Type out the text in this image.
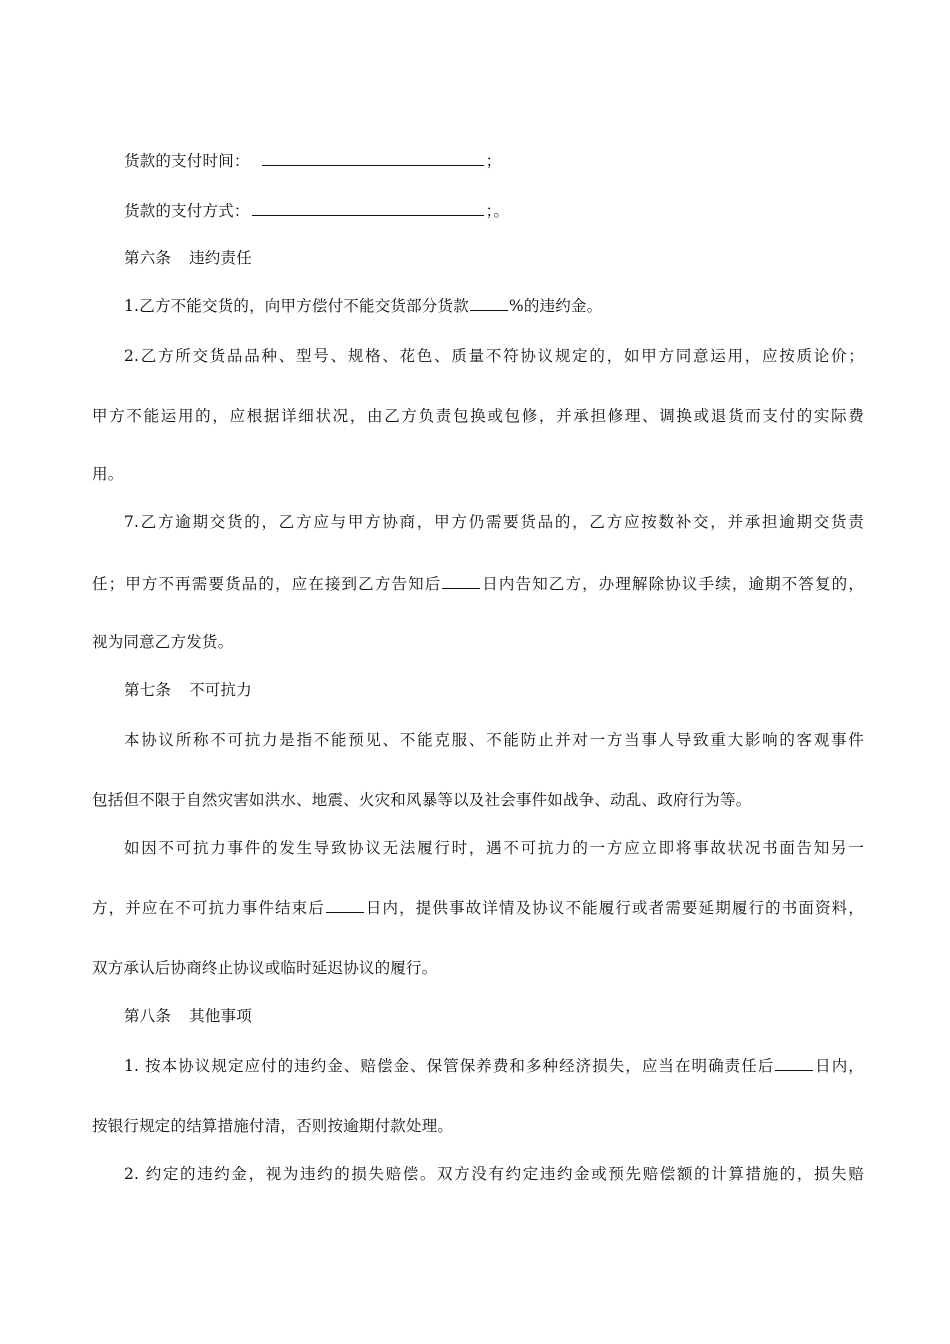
货款的支付时间：	；
货款的支付方式：	；。
第六条 违约责任
1.乙方不能交货的，向甲方偿付不能交货部分货款	%的违约金。
2.乙方所交货品品种、型号、规格、花色、质量不符协议规定的，如甲方同意运用，应按质论价；
甲方不能运用的，应根据详细状况，由乙方负责包换或包修，并承担修理、调换或退货而支付的实际费
用。
7.乙方逾期交货的，乙方应与甲方协商，甲方仍需要货品的，乙方应按数补交，并承担逾期交货责
任；甲方不再需要货品的，应在接到乙方告知后	日内告知乙方，办理解除协议手续，逾期不答复的，
视为同意乙方发货。
第七条 不可抗力
本协议所称不可抗力是指不能预见、不能克服、不能防止并对一方当事人导致重大影响的客观事件
包括但不限于自然灾害如洪水、地震、火灾和风暴等以及社会事件如战争、动乱、政府行为等。
如因不可抗力事件的发生导致协议无法履行时，遇不可抗力的一方应立即将事故状况书面告知另一
方，并应在不可抗力事件结束后	日内，提供事故详情及协议不能履行或者需要延期履行的书面资料，
双方承认后协商终止协议或临时延迟协议的履行。
第八条 其他事项
1. 按本协议规定应付的违约金、赔偿金、保管保养费和多种经济损失，应当在明确责任后	日内，
按银行规定的结算措施付清，否则按逾期付款处理。
2. 约定的违约金，视为违约的损失赔偿。双方没有约定违约金或预先赔偿额的计算措施的，损失赔
